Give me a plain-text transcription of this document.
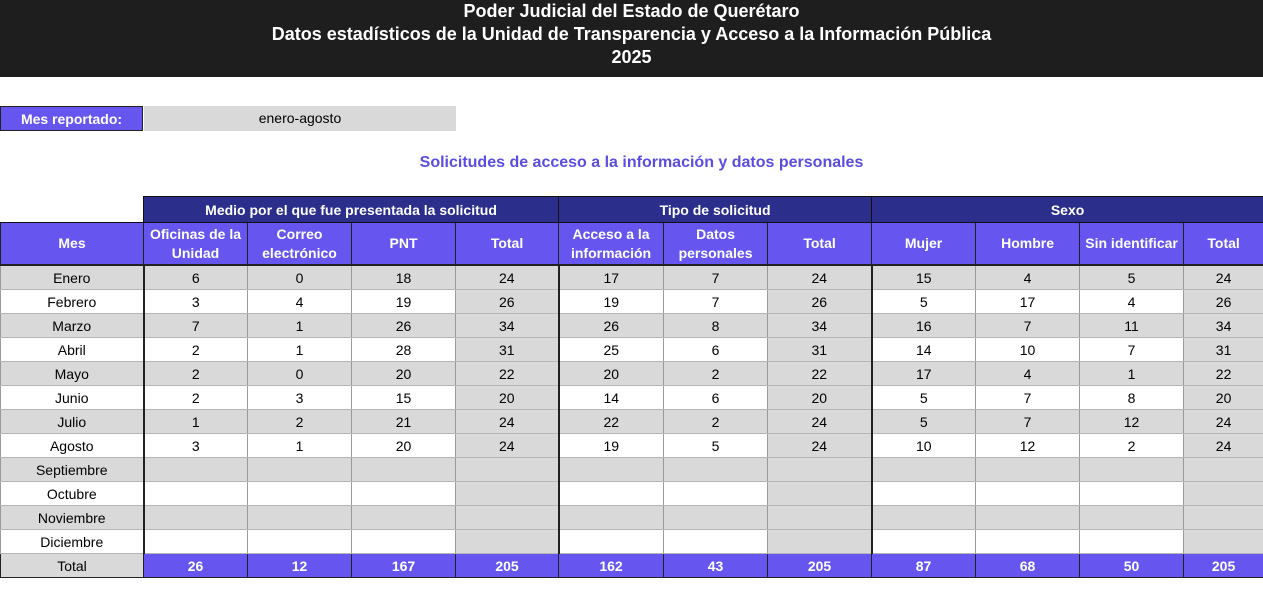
Poder Judicial del Estado de Querétaro
Datos estadísticos de la Unidad de Transparencia y Acceso a la Información Pública
2025
Mes reportado:	enero-agosto
Solicitudes de acceso a la información y datos personales
	Medio por el que fue presentada la solicitud				Tipo de solicitud			Sexo			
Mes	Oficinas de la Unidad	Correo electrónico	PNT	Total	Acceso a la información	Datos personales	Total	Mujer	Hombre	Sin identificar	Total
Enero	6	0	18	24	17	7	24	15	4	5	24
Febrero	3	4	19	26	19	7	26	5	17	4	26
Marzo	7	1	26	34	26	8	34	16	7	11	34
Abril	2	1	28	31	25	6	31	14	10	7	31
Mayo	2	0	20	22	20	2	22	17	4	1	22
Junio	2	3	15	20	14	6	20	5	7	8	20
Julio	1	2	21	24	22	2	24	5	7	12	24
Agosto	3	1	20	24	19	5	24	10	12	2	24
Septiembre											
Octubre											
Noviembre											
Diciembre											
Total	26	12	167	205	162	43	205	87	68	50	205
